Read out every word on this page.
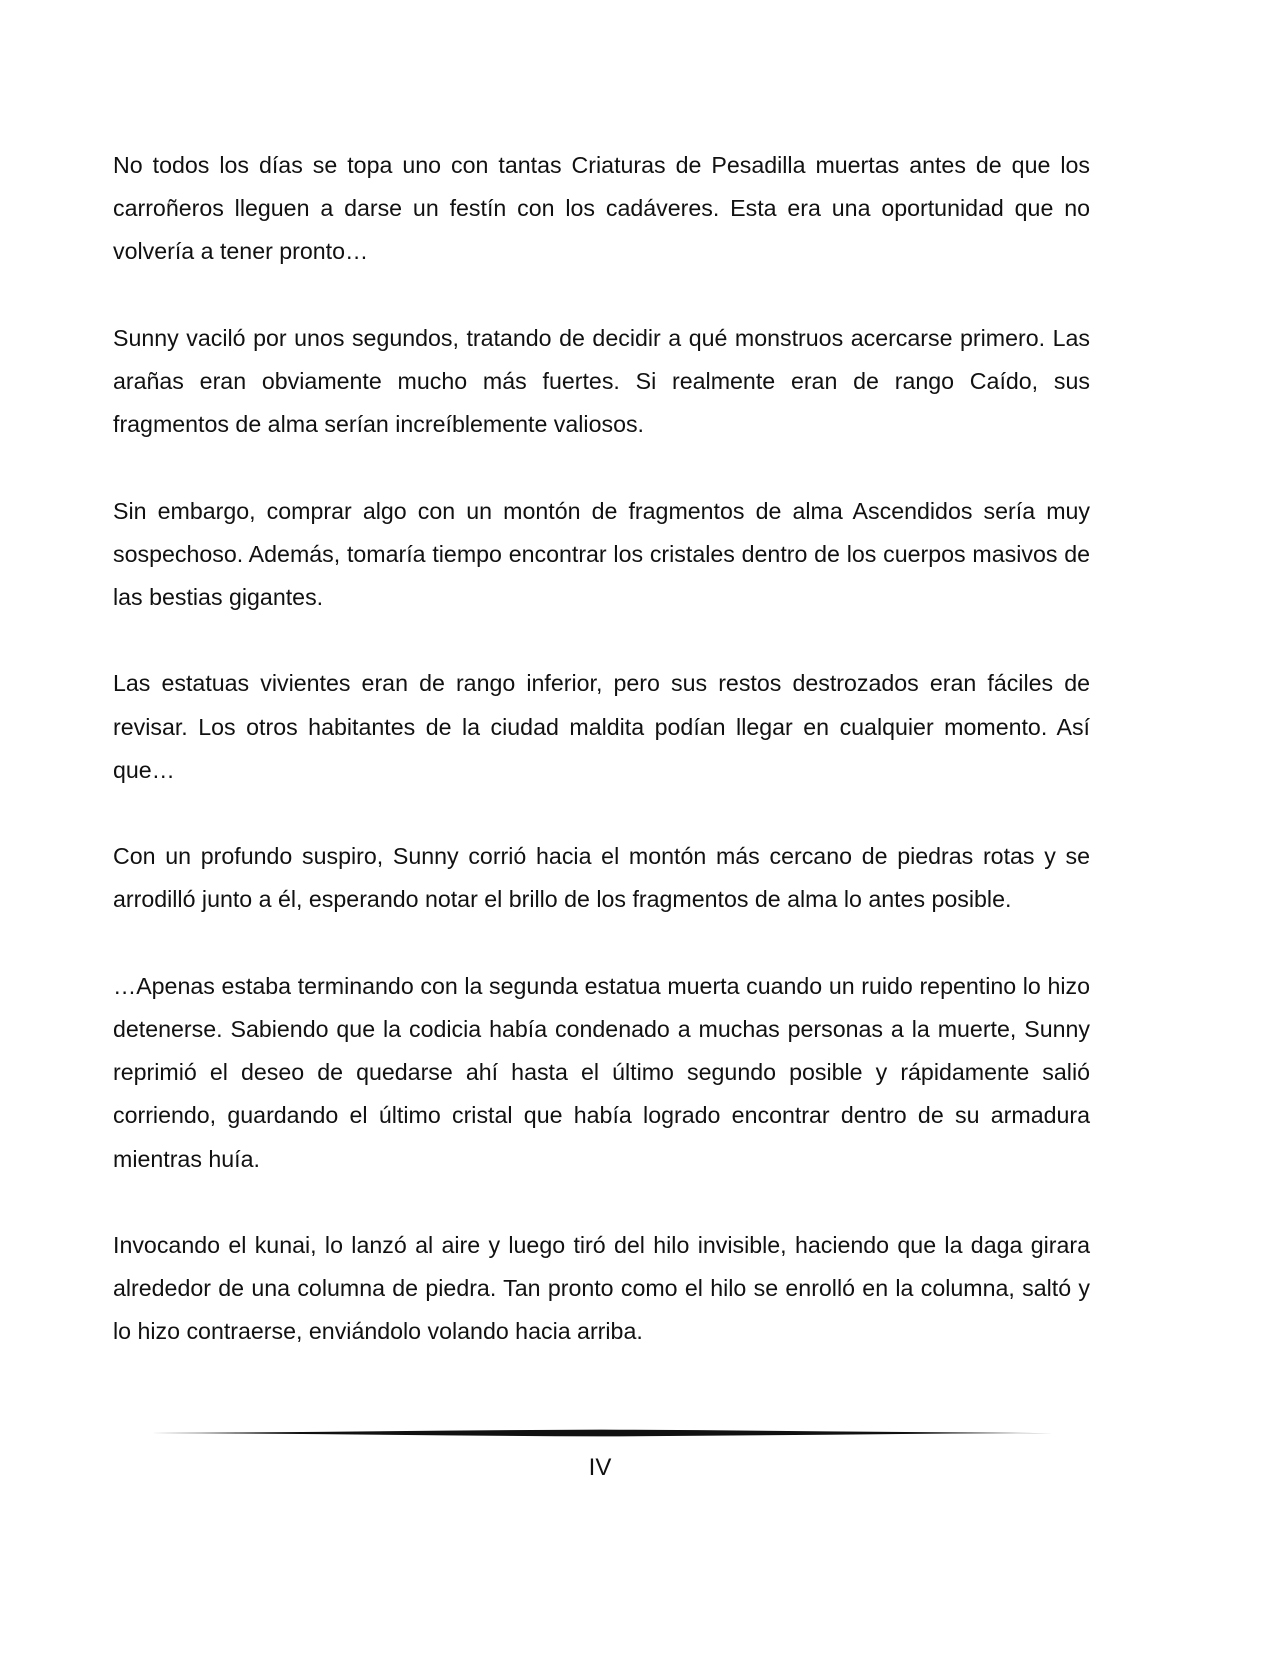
No todos los días se topa uno con tantas Criaturas de Pesadilla muertas antes de que los carroñeros lleguen a darse un festín con los cadáveres. Esta era una oportunidad que no volvería a tener pronto…

Sunny vaciló por unos segundos, tratando de decidir a qué monstruos acercarse primero. Las arañas eran obviamente mucho más fuertes. Si realmente eran de rango Caído, sus fragmentos de alma serían increíblemente valiosos.

Sin embargo, comprar algo con un montón de fragmentos de alma Ascendidos sería muy sospechoso. Además, tomaría tiempo encontrar los cristales dentro de los cuerpos masivos de las bestias gigantes.

Las estatuas vivientes eran de rango inferior, pero sus restos destrozados eran fáciles de revisar. Los otros habitantes de la ciudad maldita podían llegar en cualquier momento. Así que…

Con un profundo suspiro, Sunny corrió hacia el montón más cercano de piedras rotas y se arrodilló junto a él, esperando notar el brillo de los fragmentos de alma lo antes posible.

…Apenas estaba terminando con la segunda estatua muerta cuando un ruido repentino lo hizo detenerse. Sabiendo que la codicia había condenado a muchas personas a la muerte, Sunny reprimió el deseo de quedarse ahí hasta el último segundo posible y rápidamente salió corriendo, guardando el último cristal que había logrado encontrar dentro de su armadura mientras huía.

Invocando el kunai, lo lanzó al aire y luego tiró del hilo invisible, haciendo que la daga girara alrededor de una columna de piedra. Tan pronto como el hilo se enrolló en la columna, saltó y lo hizo contraerse, enviándolo volando hacia arriba.

IV
